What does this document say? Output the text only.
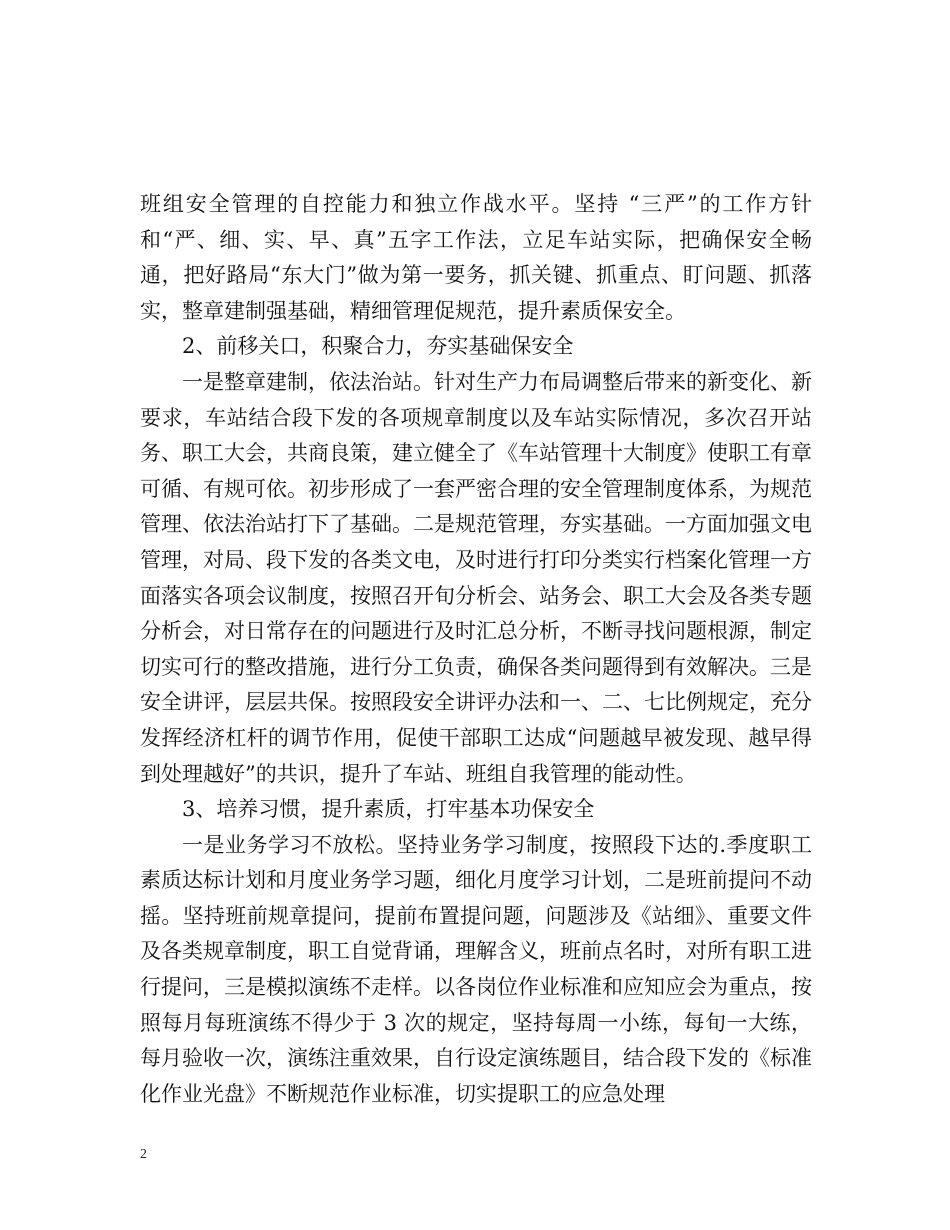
班组安全管理的自控能力和独立作战水平。坚持 “三严”的工作方针和“严、细、实、早、真”五字工作法，立足车站实际，把确保安全畅通，把好路局“东大门”做为第一要务，抓关键、抓重点、盯问题、抓落实，整章建制强基础，精细管理促规范，提升素质保安全。

2、前移关口，积聚合力，夯实基础保安全

一是整章建制，依法治站。针对生产力布局调整后带来的新变化、新要求，车站结合段下发的各项规章制度以及车站实际情况，多次召开站务、职工大会，共商良策，建立健全了《车站管理十大制度》使职工有章可循、有规可依。初步形成了一套严密合理的安全管理制度体系，为规范管理、依法治站打下了基础。二是规范管理，夯实基础。一方面加强文电管理，对局、段下发的各类文电，及时进行打印分类实行档案化管理一方面落实各项会议制度，按照召开旬分析会、站务会、职工大会及各类专题分析会，对日常存在的问题进行及时汇总分析，不断寻找问题根源，制定切实可行的整改措施，进行分工负责，确保各类问题得到有效解决。三是安全讲评，层层共保。按照段安全讲评办法和一、二、七比例规定，充分发挥经济杠杆的调节作用，促使干部职工达成“问题越早被发现、越早得到处理越好”的共识，提升了车站、班组自我管理的能动性。

3、培养习惯，提升素质，打牢基本功保安全

一是业务学习不放松。坚持业务学习制度，按照段下达的.季度职工素质达标计划和月度业务学习题，细化月度学习计划，二是班前提问不动摇。坚持班前规章提问，提前布置提问题，问题涉及《站细》、重要文件及各类规章制度，职工自觉背诵，理解含义，班前点名时，对所有职工进行提问，三是模拟演练不走样。以各岗位作业标准和应知应会为重点，按照每月每班演练不得少于 3 次的规定，坚持每周一小练，每旬一大练，每月验收一次，演练注重效果，自行设定演练题目，结合段下发的《标准化作业光盘》不断规范作业标准，切实提职工的应急处理

2
